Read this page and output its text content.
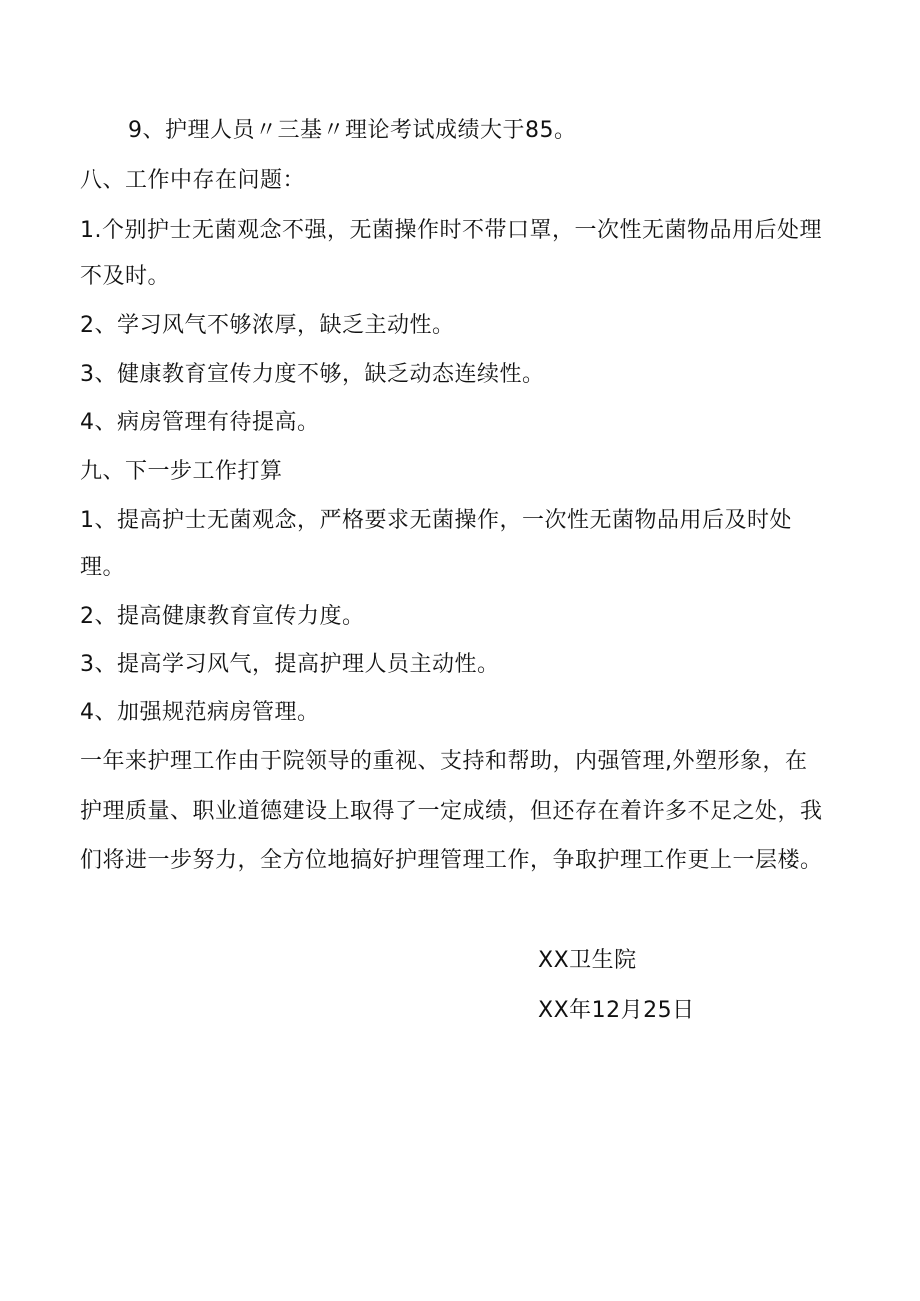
9、护理人员〃三基〃理论考试成绩大于85。
八、工作中存在问题：
1.个别护士无菌观念不强，无菌操作时不带口罩，一次性无菌物品用后处理
不及时。
2、学习风气不够浓厚，缺乏主动性。
3、健康教育宣传力度不够，缺乏动态连续性。
4、病房管理有待提高。
九、下一步工作打算
1、提高护士无菌观念，严格要求无菌操作，一次性无菌物品用后及时处
理。
2、提高健康教育宣传力度。
3、提高学习风气，提高护理人员主动性。
4、加强规范病房管理。
一年来护理工作由于院领导的重视、支持和帮助，内强管理,外塑形象，在
护理质量、职业道德建设上取得了一定成绩，但还存在着许多不足之处，我
们将进一步努力，全方位地搞好护理管理工作，争取护理工作更上一层楼。
XX卫生院
XX年12月25日
